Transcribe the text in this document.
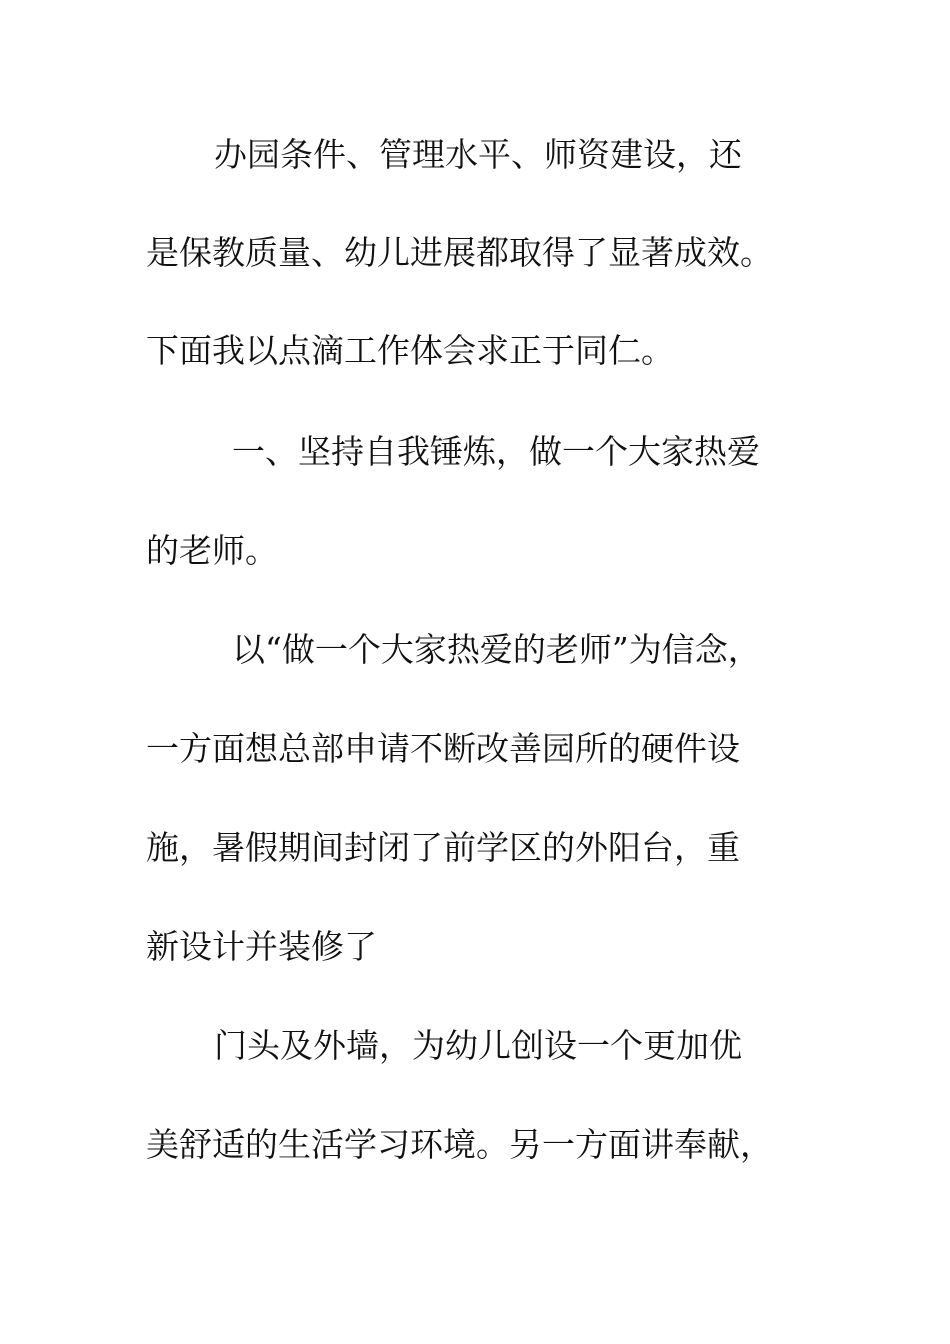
办园条件、管理水平、师资建设，还
是保教质量、幼儿进展都取得了显著成效。
下面我以点滴工作体会求正于同仁。
一、坚持自我锤炼，做一个大家热爱
的老师。
以“做一个大家热爱的老师”为信念，
一方面想总部申请不断改善园所的硬件设
施，暑假期间封闭了前学区的外阳台，重
新设计并装修了
门头及外墙，为幼儿创设一个更加优
美舒适的生活学习环境。另一方面讲奉献，
